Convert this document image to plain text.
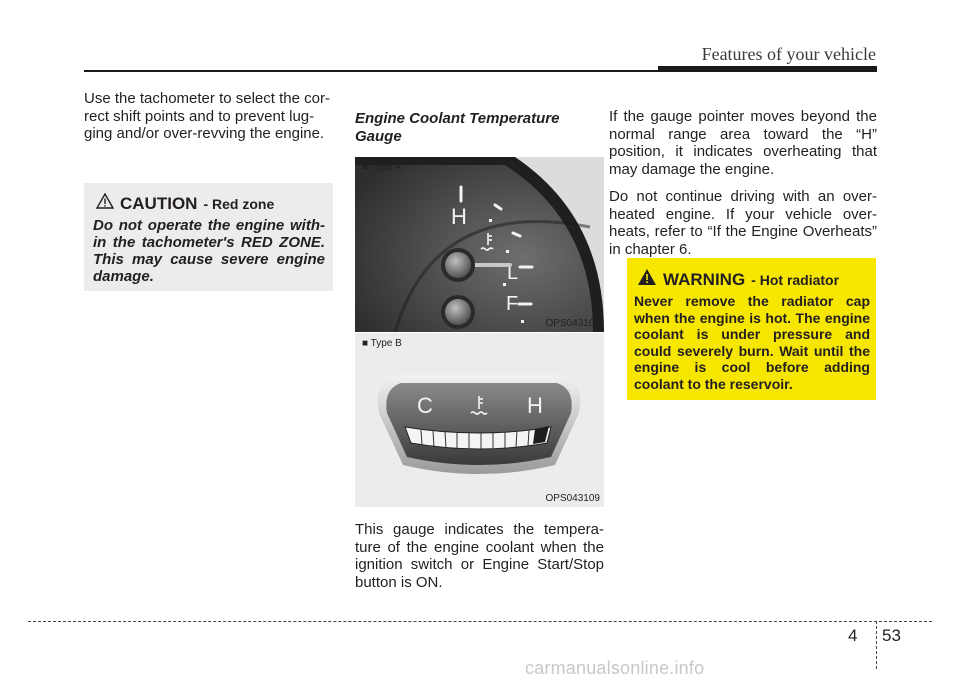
Features of your vehicle

Use the tachometer to select the cor-rect shift points and to prevent lug-ging and/or over-revving the engine.

CAUTION - Red zone
Do not operate the engine with-in the tachometer's RED ZONE. This may cause severe engine damage.
Engine Coolant Temperature Gauge
■ Type A
H
L
F
OPS043108
■ Type B
C	H
OPS043109

This gauge indicates the tempera-ture of the engine coolant when the ignition switch or Engine Start/Stop button is ON.

If the gauge pointer moves beyond the normal range area toward the “H” position, it indicates overheating that may damage the engine.

Do not continue driving with an over-heated engine. If your vehicle over-heats, refer to “If the Engine Overheats” in chapter 6.

WARNING - Hot radiator
Never remove the radiator cap when the engine is hot. The engine coolant is under pressure and could severely burn. Wait until the engine is cool before adding coolant to the reservoir.
4 53
carmanualsonline.info
